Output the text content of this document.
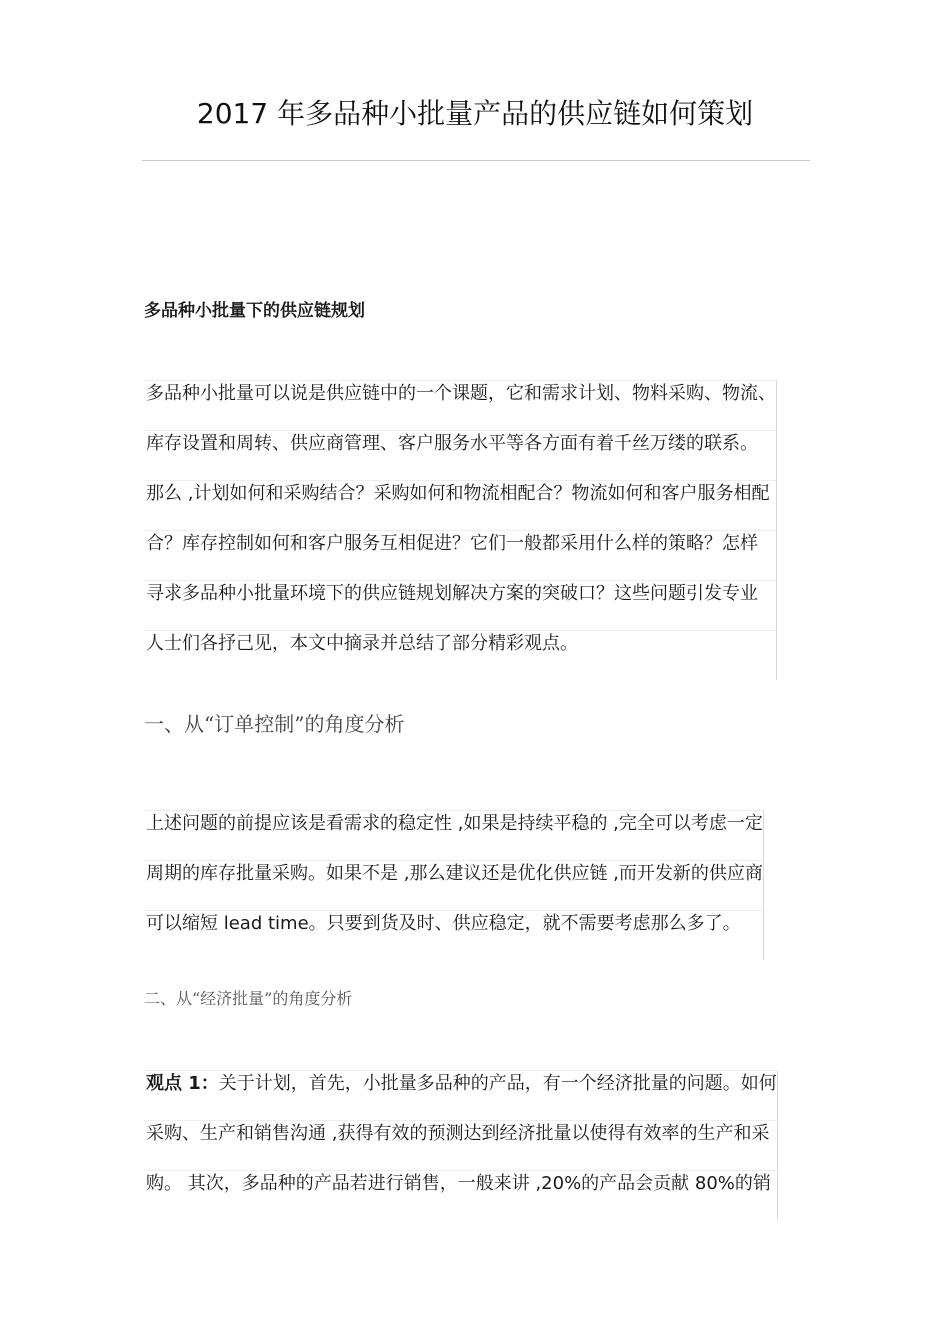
2017 年多品种小批量产品的供应链如何策划
多品种小批量下的供应链规划
多品种小批量可以说是供应链中的一个课题，它和需求计划、物料采购、物流、
库存设置和周转、供应商管理、客户服务水平等各方面有着千丝万缕的联系。
那么 ,计划如何和采购结合？采购如何和物流相配合？物流如何和客户服务相配
合？库存控制如何和客户服务互相促进？它们一般都采用什么样的策略？怎样
寻求多品种小批量环境下的供应链规划解决方案的突破口？这些问题引发专业
人士们各抒己见，本文中摘录并总结了部分精彩观点。
一、从“订单控制”的角度分析
上述问题的前提应该是看需求的稳定性 ,如果是持续平稳的 ,完全可以考虑一定
周期的库存批量采购。如果不是 ,那么建议还是优化供应链 ,而开发新的供应商
可以缩短 lead time。只要到货及时、供应稳定，就不需要考虑那么多了。
二、从“经济批量”的角度分析
观点 1：关于计划，首先，小批量多品种的产品，有一个经济批量的问题。如何
采购、生产和销售沟通 ,获得有效的预测达到经济批量以使得有效率的生产和采
购。 其次，多品种的产品若进行销售，一般来讲 ,20%的产品会贡献 80%的销
